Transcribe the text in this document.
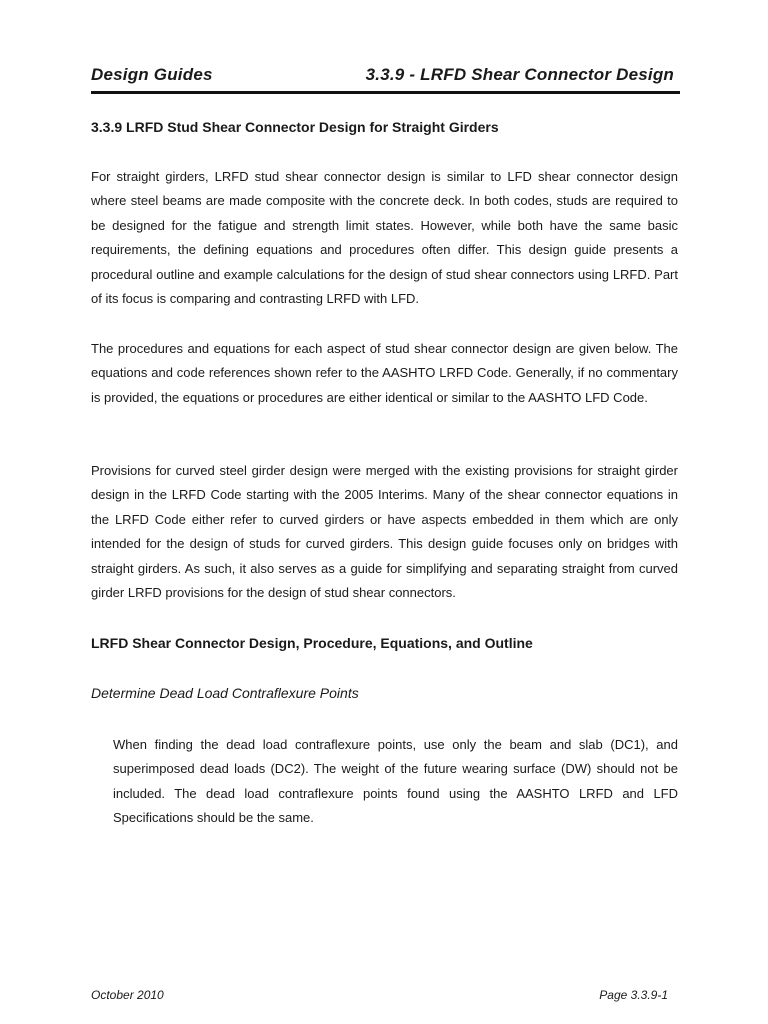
Design Guides	3.3.9 - LRFD Shear Connector Design
3.3.9 LRFD Stud Shear Connector Design for Straight Girders

For straight girders, LRFD stud shear connector design is similar to LFD shear connector design where steel beams are made composite with the concrete deck. In both codes, studs are required to be designed for the fatigue and strength limit states. However, while both have the same basic requirements, the defining equations and procedures often differ. This design guide presents a procedural outline and example calculations for the design of stud shear connectors using LRFD. Part of its focus is comparing and contrasting LRFD with LFD.

The procedures and equations for each aspect of stud shear connector design are given below. The equations and code references shown refer to the AASHTO LRFD Code. Generally, if no commentary is provided, the equations or procedures are either identical or similar to the AASHTO LFD Code.

Provisions for curved steel girder design were merged with the existing provisions for straight girder design in the LRFD Code starting with the 2005 Interims. Many of the shear connector equations in the LRFD Code either refer to curved girders or have aspects embedded in them which are only intended for the design of studs for curved girders. This design guide focuses only on bridges with straight girders. As such, it also serves as a guide for simplifying and separating straight from curved girder LRFD provisions for the design of stud shear connectors.

LRFD Shear Connector Design, Procedure, Equations, and Outline
Determine Dead Load Contraflexure Points

When finding the dead load contraflexure points, use only the beam and slab (DC1), and superimposed dead loads (DC2). The weight of the future wearing surface (DW) should not be included. The dead load contraflexure points found using the AASHTO LRFD and LFD Specifications should be the same.

October 2010	Page 3.3.9-1
